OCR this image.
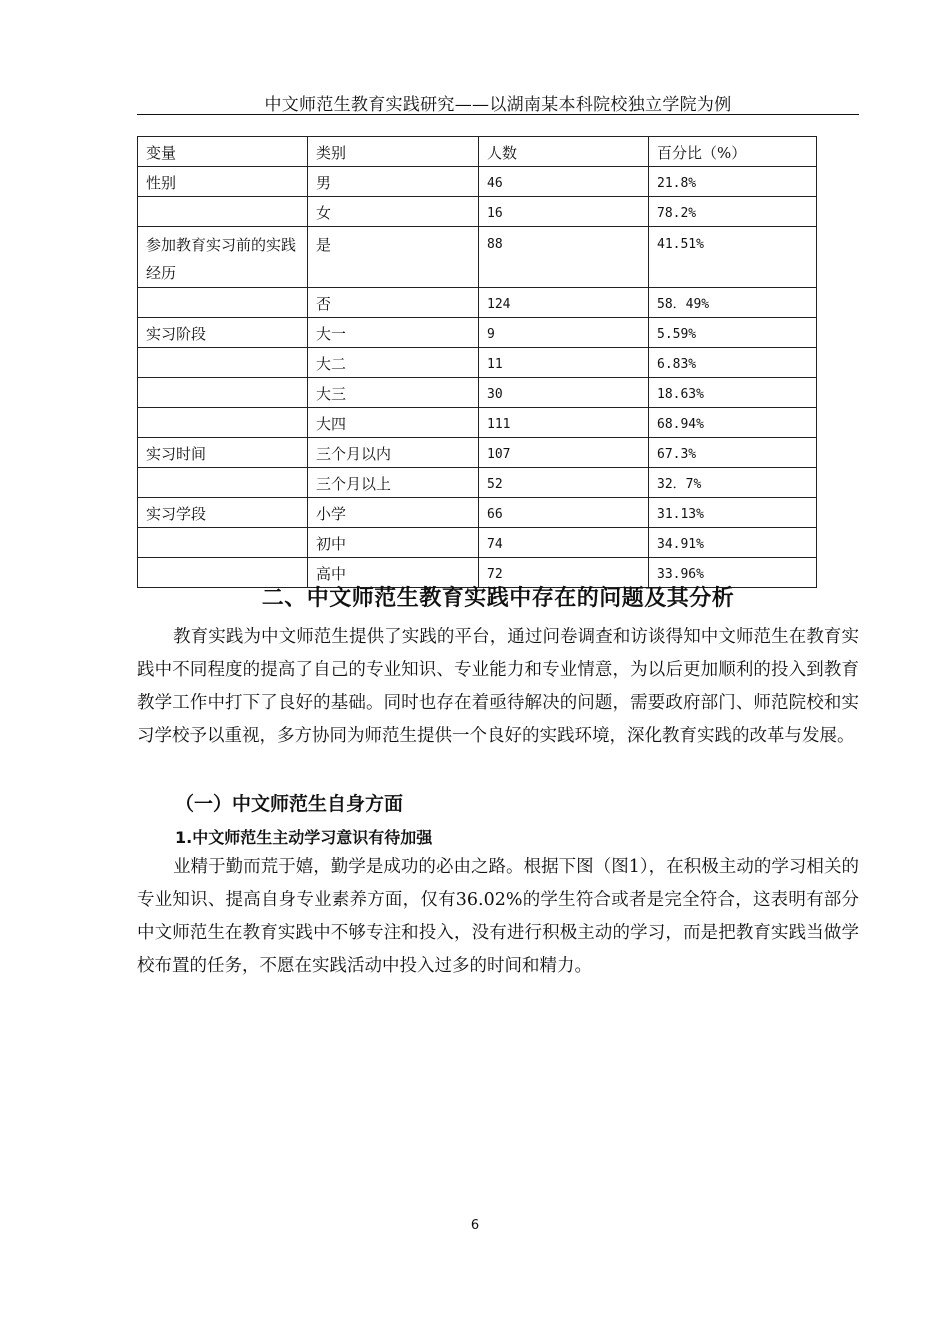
中文师范生教育实践研究——以湖南某本科院校独立学院为例
变量	类别	人数	百分比（%）
性别	男	46	21.8%
	女	16	78.2%
参加教育实习前的实践经历	是	88	41.51%
	否	124	58．49%
实习阶段	大一	9	5.59%
	大二	11	6.83%
	大三	30	18.63%
	大四	111	68.94%
实习时间	三个月以内	107	67.3%
	三个月以上	52	32．7%
实习学段	小学	66	31.13%
	初中	74	34.91%
	高中	72	33.96%
二、中文师范生教育实践中存在的问题及其分析
教育实践为中文师范生提供了实践的平台，通过问卷调查和访谈得知中文师范生在教育实践中不同程度的提高了自己的专业知识、专业能力和专业情意，为以后更加顺利的投入到教育教学工作中打下了良好的基础。同时也存在着亟待解决的问题，需要政府部门、师范院校和实习学校予以重视，多方协同为师范生提供一个良好的实践环境，深化教育实践的改革与发展。
（一）中文师范生自身方面
1.中文师范生主动学习意识有待加强
业精于勤而荒于嬉，勤学是成功的必由之路。根据下图（图1），在积极主动的学习相关的专业知识、提高自身专业素养方面，仅有36.02%的学生符合或者是完全符合，这表明有部分中文师范生在教育实践中不够专注和投入，没有进行积极主动的学习，而是把教育实践当做学校布置的任务，不愿在实践活动中投入过多的时间和精力。
6
